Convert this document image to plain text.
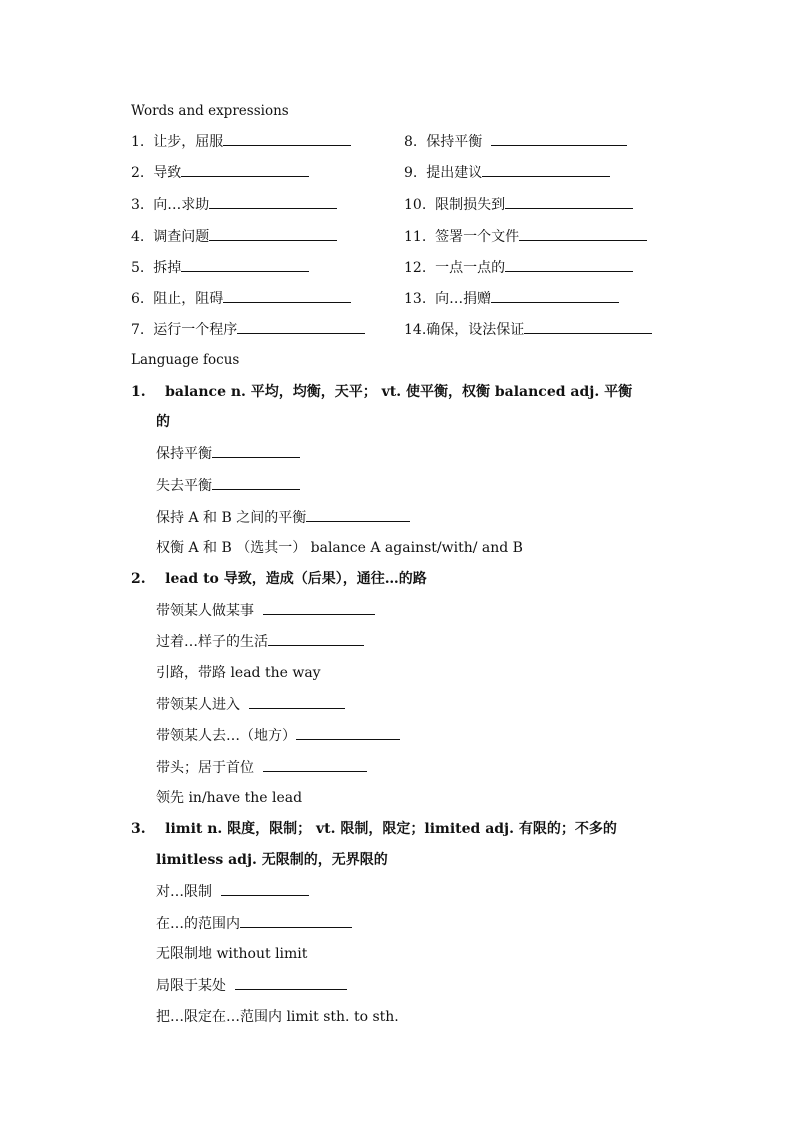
Words and expressions
1. 让步，屈服
2. 导致
3. 向…求助
4. 调查问题
5. 拆掉
6. 阻止，阻碍
7. 运行一个程序
8. 保持平衡
9. 提出建议
10. 限制损失到
11. 签署一个文件
12. 一点一点的
13. 向…捐赠
14.确保，设法保证
Language focus
1. balance n. 平均，均衡，天平； vt. 使平衡，权衡 balanced adj. 平衡
的
保持平衡
失去平衡
保持 A 和 B 之间的平衡
权衡 A 和 B （选其一） balance A against/with/ and B
2. lead to 导致，造成（后果），通往…的路
带领某人做某事
过着…样子的生活
引路，带路 lead the way
带领某人进入
带领某人去…（地方）
带头；居于首位
领先 in/have the lead
3. limit n. 限度，限制； vt. 限制，限定；limited adj. 有限的；不多的
limitless adj. 无限制的，无界限的
对…限制
在…的范围内
无限制地 without limit
局限于某处
把…限定在…范围内 limit sth. to sth.
